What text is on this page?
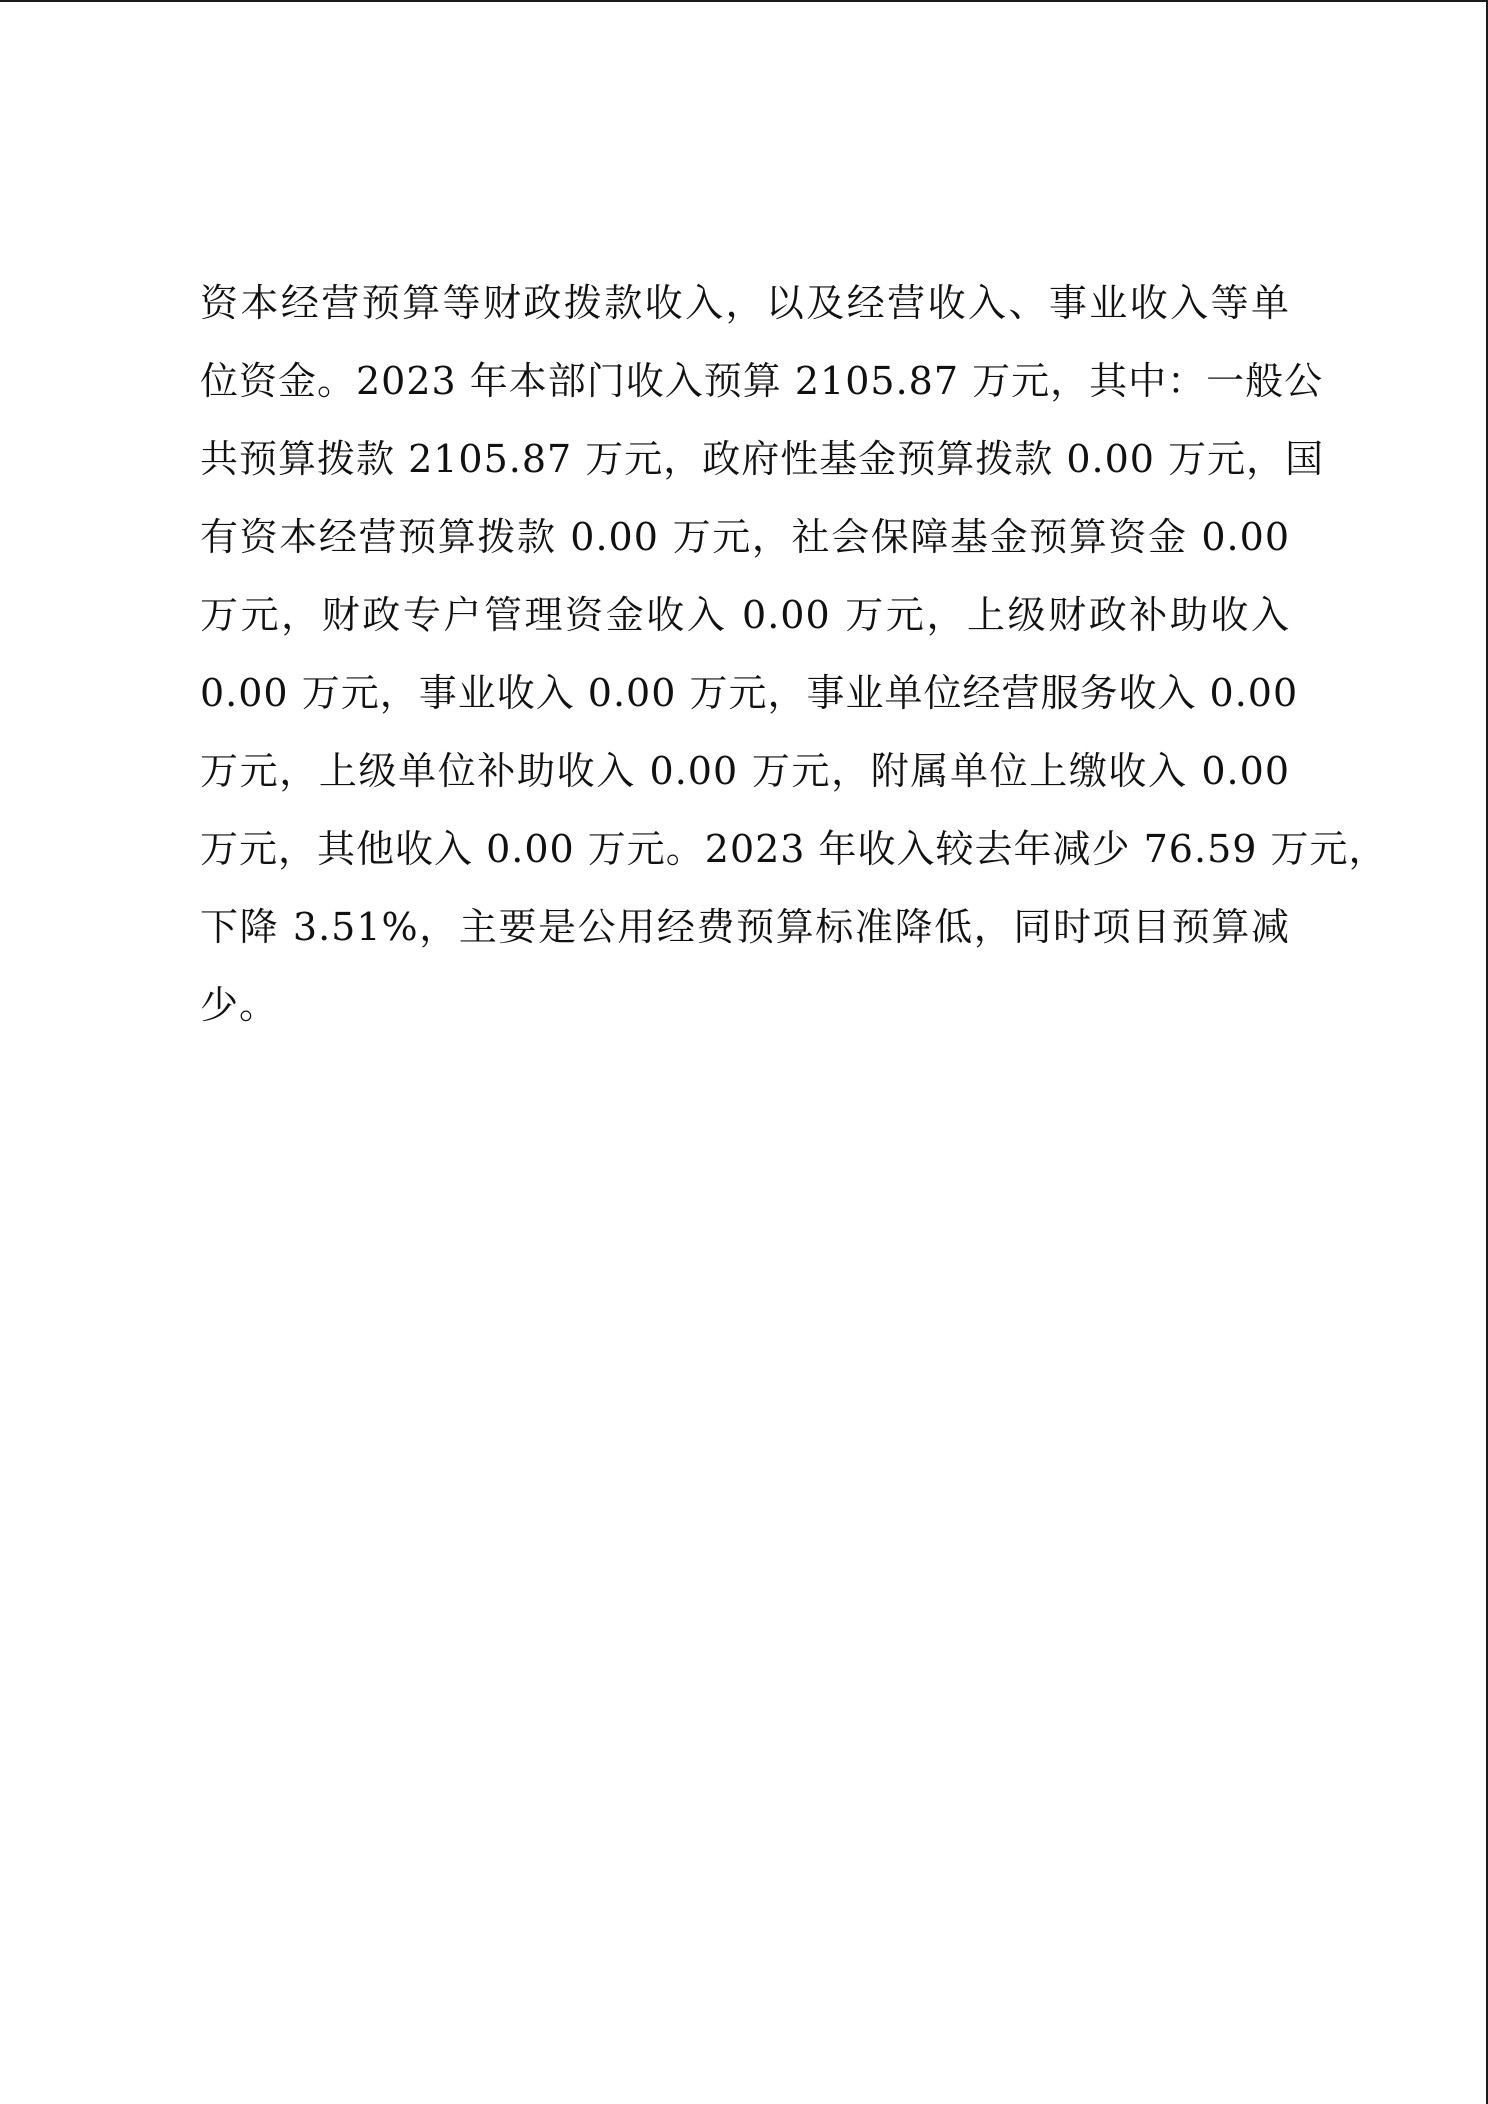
资本经营预算等财政拨款收入，以及经营收入、事业收入等单
位资金。2023 年本部门收入预算 2105.87 万元，其中：一般公
共预算拨款 2105.87 万元，政府性基金预算拨款 0.00 万元，国
有资本经营预算拨款 0.00 万元，社会保障基金预算资金 0.00
万元，财政专户管理资金收入 0.00 万元，上级财政补助收入
0.00 万元，事业收入 0.00 万元，事业单位经营服务收入 0.00
万元，上级单位补助收入 0.00 万元，附属单位上缴收入 0.00
万元，其他收入 0.00 万元。2023 年收入较去年减少 76.59 万元，
下降 3.51%，主要是公用经费预算标准降低，同时项目预算减
少。
